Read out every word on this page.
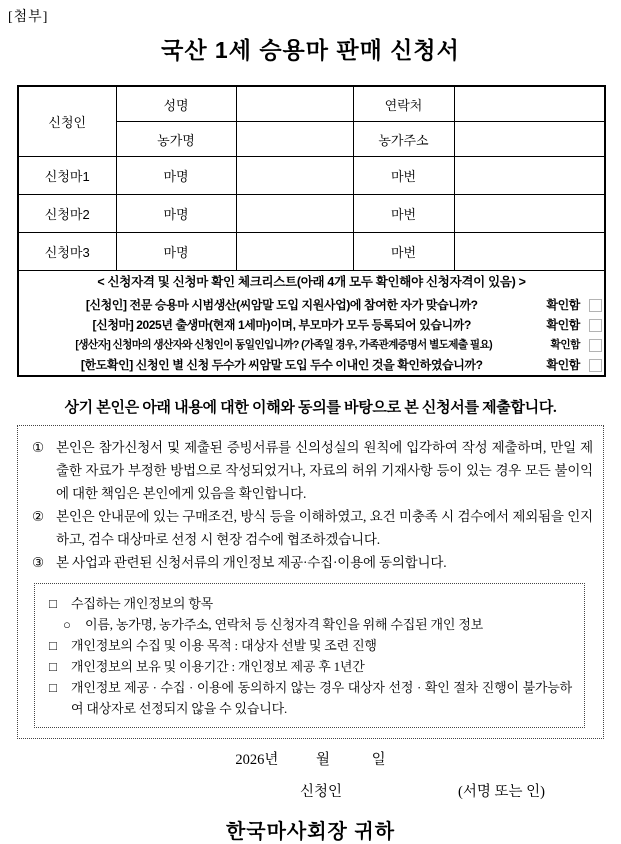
[첨부]
국산 1세 승용마 판매 신청서
신청인	성명		연락처	
	농가명		농가주소	
신청마1	마명		마번	
신청마2	마명		마번	
신청마3	마명		마번	

< 신청자격 및 신청마 확인 체크리스트(아래 4개 모두 확인해야 신청자격이 있음) >
[신청인] 전문 승용마 시범생산(씨암말 도입 지원사업)에 참여한 자가 맞습니까?	확인함
[신청마] 2025년 출생마(현재 1세마)이며, 부모마가 모두 등록되어 있습니까?	확인함
[생산자] 신청마의 생산자와 신청인이 동일인입니까? (가족일 경우, 가족관계증명서 별도제출 필요)	확인함
[한도확인] 신청인 별 신청 두수가 씨암말 도입 두수 이내인 것을 확인하였습니까?	확인함

상기 본인은 아래 내용에 대한 이해와 동의를 바탕으로 본 신청서를 제출합니다.

① 본인은 참가신청서 및 제출된 증빙서류를 신의성실의 원칙에 입각하여 작성 제출하며, 만일 제출한 자료가 부정한 방법으로 작성되었거나, 자료의 허위 기재사항 등이 있는 경우 모든 불이익에 대한 책임은 본인에게 있음을 확인합니다.
② 본인은 안내문에 있는 구매조건, 방식 등을 이해하였고, 요건 미충족 시 검수에서 제외됨을 인지하고, 검수 대상마로 선정 시 현장 검수에 협조하겠습니다.
③ 본 사업과 관련된 신청서류의 개인정보 제공·수집·이용에 동의합니다.
□	수집하는 개인정보의 항목
○	이름, 농가명, 농가주소, 연락처 등 신청자격 확인을 위해 수집된 개인 정보
□	개인정보의 수집 및 이용 목적 : 대상자 선발 및 조련 진행
□	개인정보의 보유 및 이용기간 : 개인정보 제공 후 1년간
□	개인정보 제공 · 수집 · 이용에 동의하지 않는 경우 대상자 선정 · 확인 절차 진행이 불가능하여 대상자로 선정되지 않을 수 있습니다.
2026년	월	일
신청인	(서명 또는 인)
한국마사회장 귀하
